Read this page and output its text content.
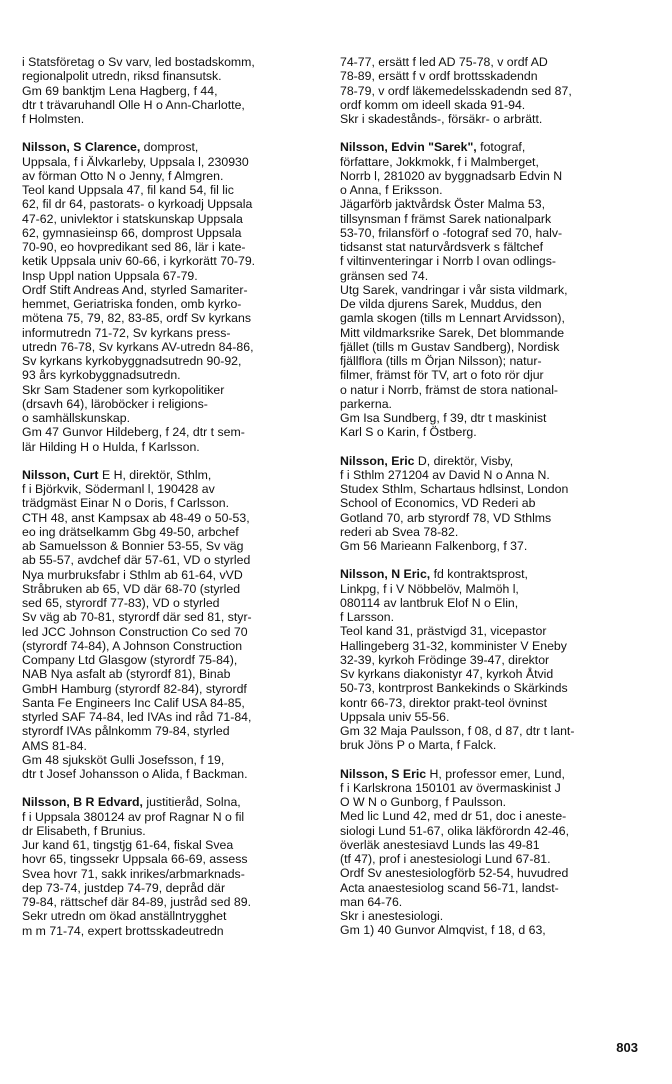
i Statsföretag o Sv varv, led bostadskomm,
regionalpolit utredn, riksd finansutsk.
Gm 69 banktjm Lena Hagberg, f 44,
dtr t trävaruhandl Olle H o Ann-Charlotte,
f Holmsten.
Nilsson, S Clarence, domprost,
Uppsala, f i Älvkarleby, Uppsala l, 230930
av förman Otto N o Jenny, f Almgren.
Teol kand Uppsala 47, fil kand 54, fil lic
62, fil dr 64, pastorats- o kyrkoadj Uppsala
47-62, univlektor i statskunskap Uppsala
62, gymnasieinsp 66, domprost Uppsala
70-90, eo hovpredikant sed 86, lär i kate-
ketik Uppsala univ 60-66, i kyrkorätt 70-79.
Insp Uppl nation Uppsala 67-79.
Ordf Stift Andreas And, styrled Samariter-
hemmet, Geriatriska fonden, omb kyrko-
mötena 75, 79, 82, 83-85, ordf Sv kyrkans
informutredn 71-72, Sv kyrkans press-
utredn 76-78, Sv kyrkans AV-utredn 84-86,
Sv kyrkans kyrkobyggnadsutredn 90-92,
93 års kyrkobyggnadsutredn.
Skr Sam Stadener som kyrkopolitiker
(drsavh 64), läroböcker i religions-
o samhällskunskap.
Gm 47 Gunvor Hildeberg, f 24, dtr t sem-
lär Hilding H o Hulda, f Karlsson.
Nilsson, Curt E H, direktör, Sthlm,
f i Björkvik, Södermanl l, 190428 av
trädgmäst Einar N o Doris, f Carlsson.
CTH 48, anst Kampsax ab 48-49 o 50-53,
eo ing drätselkamm Gbg 49-50, arbchef
ab Samuelsson & Bonnier 53-55, Sv väg
ab 55-57, avdchef där 57-61, VD o styrled
Nya murbruksfabr i Sthlm ab 61-64, vVD
Stråbruken ab 65, VD där 68-70 (styrled
sed 65, styrordf 77-83), VD o styrled
Sv väg ab 70-81, styrordf där sed 81, styr-
led JCC Johnson Construction Co sed 70
(styrordf 74-84), A Johnson Construction
Company Ltd Glasgow (styrordf 75-84),
NAB Nya asfalt ab (styrordf 81), Binab
GmbH Hamburg (styrordf 82-84), styrordf
Santa Fe Engineers Inc Calif USA 84-85,
styrled SAF 74-84, led IVAs ind råd 71-84,
styrordf IVAs pålnkomm 79-84, styrled
AMS 81-84.
Gm 48 sjuksköt Gulli Josefsson, f 19,
dtr t Josef Johansson o Alida, f Backman.
Nilsson, B R Edvard, justitieråd, Solna,
f i Uppsala 380124 av prof Ragnar N o fil
dr Elisabeth, f Brunius.
Jur kand 61, tingstjg 61-64, fiskal Svea
hovr 65, tingssekr Uppsala 66-69, assess
Svea hovr 71, sakk inrikes/arbmarknads-
dep 73-74, justdep 74-79, depråd där
79-84, rättschef där 84-89, justråd sed 89.
Sekr utredn om ökad anställntrygghet
m m 71-74, expert brottsskadeutredn
74-77, ersätt f led AD 75-78, v ordf AD
78-89, ersätt f v ordf brottsskadendn
78-79, v ordf läkemedelsskadendn sed 87,
ordf komm om ideell skada 91-94.
Skr i skadestånds-, försäkr- o arbrätt.
Nilsson, Edvin "Sarek", fotograf,
författare, Jokkmokk, f i Malmberget,
Norrb l, 281020 av byggnadsarb Edvin N
o Anna, f Eriksson.
Jägarförb jaktvårdsk Öster Malma 53,
tillsynsman f främst Sarek nationalpark
53-70, frilansförf o -fotograf sed 70, halv-
tidsanst stat naturvårdsverk s fältchef
f viltinventeringar i Norrb l ovan odlings-
gränsen sed 74.
Utg Sarek, vandringar i vår sista vildmark,
De vilda djurens Sarek, Muddus, den
gamla skogen (tills m Lennart Arvidsson),
Mitt vildmarksrike Sarek, Det blommande
fjället (tills m Gustav Sandberg), Nordisk
fjällflora (tills m Örjan Nilsson); natur-
filmer, främst för TV, art o foto rör djur
o natur i Norrb, främst de stora national-
parkerna.
Gm Isa Sundberg, f 39, dtr t maskinist
Karl S o Karin, f Östberg.
Nilsson, Eric D, direktör, Visby,
f i Sthlm 271204 av David N o Anna N.
Studex Sthlm, Schartaus hdlsinst, London
School of Economics, VD Rederi ab
Gotland 70, arb styrordf 78, VD Sthlms
rederi ab Svea 78-82.
Gm 56 Marieann Falkenborg, f 37.
Nilsson, N Eric, fd kontraktsprost,
Linkpg, f i V Nöbbelöv, Malmöh l,
080114 av lantbruk Elof N o Elin,
f Larsson.
Teol kand 31, prästvigd 31, vicepastor
Hallingeberg 31-32, komminister V Eneby
32-39, kyrkoh Frödinge 39-47, direktor
Sv kyrkans diakonistyr 47, kyrkoh Åtvid
50-73, kontrprost Bankekinds o Skärkinds
kontr 66-73, direktor prakt-teol övninst
Uppsala univ 55-56.
Gm 32 Maja Paulsson, f 08, d 87, dtr t lant-
bruk Jöns P o Marta, f Falck.
Nilsson, S Eric H, professor emer, Lund,
f i Karlskrona 150101 av övermaskinist J
O W N o Gunborg, f Paulsson.
Med lic Lund 42, med dr 51, doc i aneste-
siologi Lund 51-67, olika läkförordn 42-46,
överläk anestesiavd Lunds las 49-81
(tf 47), prof i anestesiologi Lund 67-81.
Ordf Sv anestesiologförb 52-54, huvudred
Acta anaestesiolog scand 56-71, landst-
man 64-76.
Skr i anestesiologi.
Gm 1) 40 Gunvor Almqvist, f 18, d 63,
803
